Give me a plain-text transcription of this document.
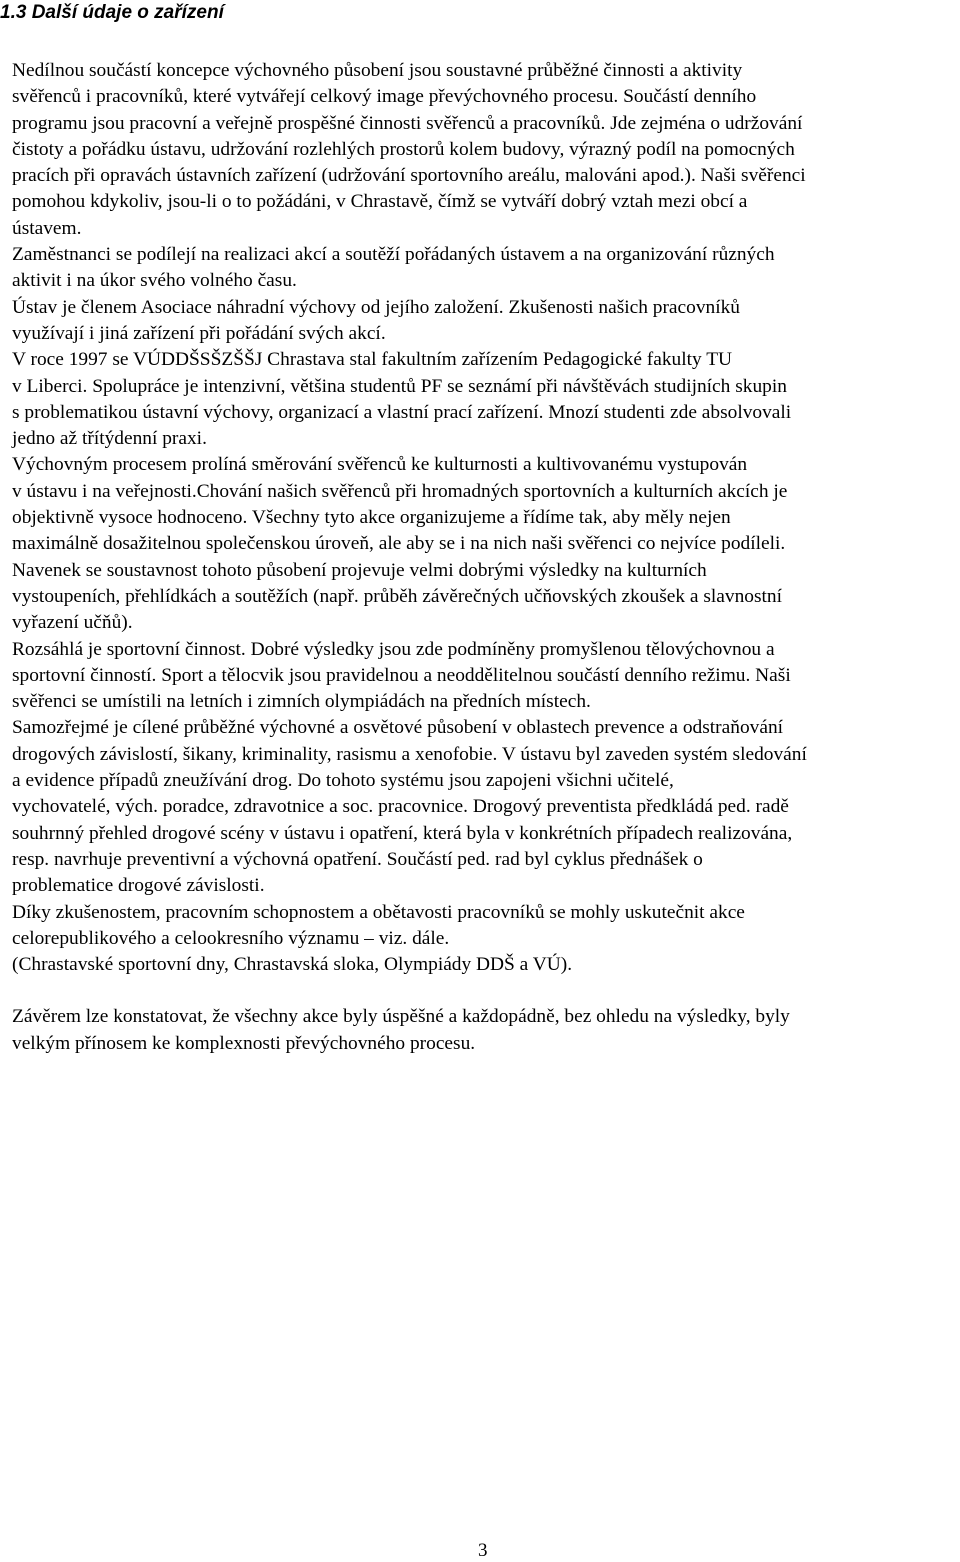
1.3 Další údaje o zařízení

Nedílnou součástí koncepce výchovného působení jsou soustavné průběžné činnosti a aktivity
svěřenců i pracovníků, které vytvářejí celkový image převýchovného procesu. Součástí denního
programu jsou pracovní a veřejně prospěšné činnosti svěřenců a pracovníků. Jde zejména o udržování
čistoty a pořádku ústavu, udržování rozlehlých prostorů kolem budovy, výrazný podíl na pomocných
pracích při opravách ústavních zařízení (udržování sportovního areálu, malováni apod.). Naši svěřenci
pomohou kdykoliv, jsou-li o to požádáni, v Chrastavě, čímž se vytváří dobrý vztah mezi obcí a
ústavem.

Zaměstnanci se podílejí na realizaci akcí a soutěží pořádaných ústavem a na organizování různých
aktivit i na úkor svého volného času.

Ústav je členem Asociace náhradní výchovy od jejího založení. Zkušenosti našich pracovníků
využívají i jiná zařízení při pořádání svých akcí.

V roce 1997 se VÚDDŠSŠZŠŠJ Chrastava stal fakultním zařízením Pedagogické fakulty TU
v Liberci. Spolupráce je intenzivní, většina studentů PF se seznámí při návštěvách studijních skupin
s problematikou ústavní výchovy, organizací a vlastní prací zařízení. Mnozí studenti zde absolvovali
jedno až třítýdenní praxi.

Výchovným procesem prolíná směrování svěřenců ke kulturnosti a kultivovanému vystupován
v ústavu i na veřejnosti.Chování našich svěřenců při hromadných sportovních a kulturních akcích je
objektivně vysoce hodnoceno. Všechny tyto akce organizujeme a řídíme tak, aby měly nejen
maximálně dosažitelnou společenskou úroveň, ale aby se i na nich naši svěřenci co nejvíce podíleli.
Navenek se soustavnost tohoto působení projevuje velmi dobrými výsledky na kulturních
vystoupeních, přehlídkách a soutěžích (např. průběh závěrečných učňovských zkoušek a slavnostní
vyřazení učňů).

Rozsáhlá je sportovní činnost. Dobré výsledky jsou zde podmíněny promyšlenou tělovýchovnou a
sportovní činností. Sport a tělocvik jsou pravidelnou a neoddělitelnou součástí denního režimu. Naši
svěřenci se umístili na letních i zimních olympiádách na předních místech.

Samozřejmé je cílené průběžné výchovné a osvětové působení v oblastech prevence a odstraňování
drogových závislostí, šikany, kriminality, rasismu a xenofobie. V ústavu byl zaveden systém sledování
a evidence případů zneužívání drog. Do tohoto systému jsou zapojeni všichni učitelé,
vychovatelé, vých. poradce, zdravotnice a soc. pracovnice. Drogový preventista předkládá ped. radě
souhrnný přehled drogové scény v ústavu i opatření, která byla v konkrétních případech realizována,
resp. navrhuje preventivní a výchovná opatření. Součástí ped. rad byl cyklus přednášek o
problematice drogové závislosti.

Díky zkušenostem, pracovním schopnostem a obětavosti pracovníků se mohly uskutečnit akce
celorepublikového a celookresního významu – viz. dále.
(Chrastavské sportovní dny, Chrastavská sloka, Olympiády DDŠ a VÚ).

Závěrem lze konstatovat, že všechny akce byly úspěšné a každopádně, bez ohledu na výsledky, byly
velkým přínosem ke komplexnosti převýchovného procesu.

3
